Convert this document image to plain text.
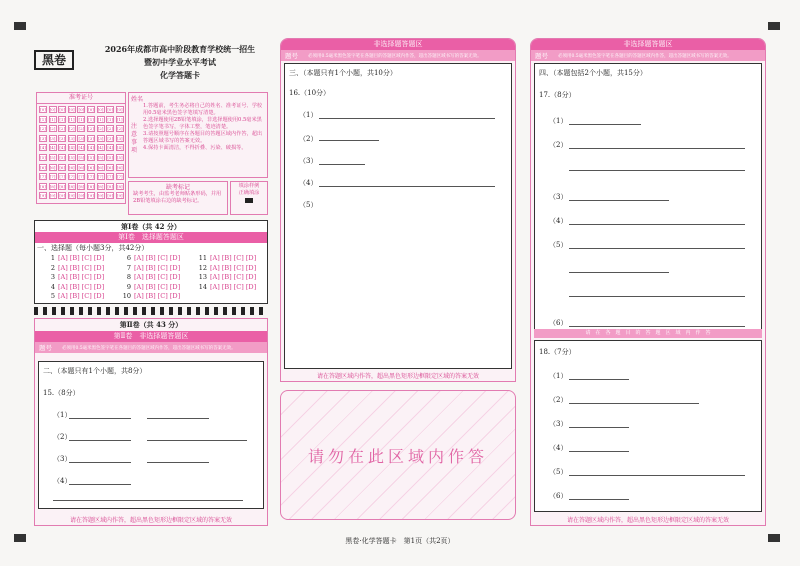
黑卷
2026年成都市高中阶段教育学校统一招生
暨初中学业水平考试
化学答题卡
准考证号
[0]
[1]
[2]
[3]
[4]
[5]
[6]
[7]
[8]
[9]
[0]
[1]
[2]
[3]
[4]
[5]
[6]
[7]
[8]
[9]
[0]
[1]
[2]
[3]
[4]
[5]
[6]
[7]
[8]
[9]
[0]
[1]
[2]
[3]
[4]
[5]
[6]
[7]
[8]
[9]
[0]
[1]
[2]
[3]
[4]
[5]
[6]
[7]
[8]
[9]
[0]
[1]
[2]
[3]
[4]
[5]
[6]
[7]
[8]
[9]
[0]
[1]
[2]
[3]
[4]
[5]
[6]
[7]
[8]
[9]
[0]
[1]
[2]
[3]
[4]
[5]
[6]
[7]
[8]
[9]
[0]
[1]
[2]
[3]
[4]
[5]
[6]
[7]
[8]
[9]
姓名
注意事项
1.答题前，考生务必将自己的姓名、准考证号、学校用0.5毫米黑色签字笔填写清楚。
2.选择题使用2B铅笔填涂，非选择题使用0.5毫米黑色签字笔书写，字体工整，笔迹清楚。
3.请按照题号顺序在各题目的答题区域内作答，超出答题区域书写的答案无效。
4.保持卡面清洁，不得折叠、污染、破损等。
缺考标记
缺考考生，由监考老师贴条形码，并用2B铅笔填涂右边的缺考标记。
填涂样例
正确填涂
第Ⅰ卷（共 42 分）
第Ⅰ卷　选择题答题区
一、选择题（每小题3分，共42分）
1 [A] [B] [C] [D]
2 [A] [B] [C] [D]
3 [A] [B] [C] [D]
4 [A] [B] [C] [D]
5 [A] [B] [C] [D]
6 [A] [B] [C] [D]
7 [A] [B] [C] [D]
8 [A] [B] [C] [D]
9 [A] [B] [C] [D]
10 [A] [B] [C] [D]
11 [A] [B] [C] [D]
12 [A] [B] [C] [D]
13 [A] [B] [C] [D]
14 [A] [B] [C] [D]
第Ⅱ卷（共 43 分）
第Ⅱ卷　非选择题答题区
题号 必须用0.5毫米黑色签字笔在各题目的答题区域内作答，超出答题区域书写的答案无效。
二、（本题只有1个小题，共8分）
15.（8分）
（1）
（2）
（3）
（4）
请在答题区域内作答，超出黑色矩形边框限定区域的答案无效
非选择题答题区
题号 必须用0.5毫米黑色签字笔在各题目的答题区域内作答，超出答题区域书写的答案无效。
三、（本题只有1个小题，共10分）
16.（10分）
（1）
（2）
（3）
（4）
（5）
请在答题区域内作答，超出黑色矩形边框限定区域的答案无效
请勿在此区域内作答
非选择题答题区
题号 必须用0.5毫米黑色签字笔在各题目的答题区域内作答，超出答题区域书写的答案无效。
四、（本题包括2个小题，共15分）
17.（8分）
（1）
（2）
（3）
（4）
（5）
（6）
请　在　各　题　目　的　答　题　区　域　内　作　答
18.（7分）
（1）
（2）
（3）
（4）
（5）
（6）
请在答题区域内作答，超出黑色矩形边框限定区域的答案无效
黑卷·化学答题卡　第1页（共2页）
